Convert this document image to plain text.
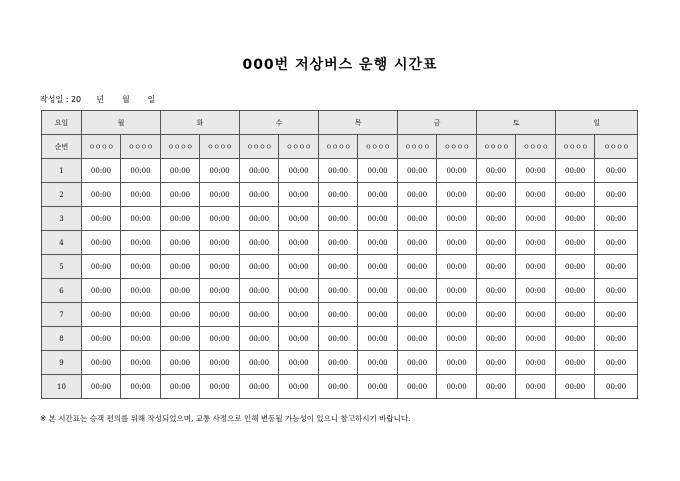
000번 저상버스 운행 시간표
작성일 : 20 년 월 일
요일	월		화		수		목		금		토		일	
순번	ㅇㅇㅇㅇ	ㅇㅇㅇㅇ	ㅇㅇㅇㅇ	ㅇㅇㅇㅇ	ㅇㅇㅇㅇ	ㅇㅇㅇㅇ	ㅇㅇㅇㅇ	ㅇㅇㅇㅇ	ㅇㅇㅇㅇ	ㅇㅇㅇㅇ	ㅇㅇㅇㅇ	ㅇㅇㅇㅇ	ㅇㅇㅇㅇ	ㅇㅇㅇㅇ
1	00:00	00:00	00:00	00:00	00:00	00:00	00:00	00:00	00:00	00:00	00:00	00:00	00:00	00:00
2	00:00	00:00	00:00	00:00	00:00	00:00	00:00	00:00	00:00	00:00	00:00	00:00	00:00	00:00
3	00:00	00:00	00:00	00:00	00:00	00:00	00:00	00:00	00:00	00:00	00:00	00:00	00:00	00:00
4	00:00	00:00	00:00	00:00	00:00	00:00	00:00	00:00	00:00	00:00	00:00	00:00	00:00	00:00
5	00:00	00:00	00:00	00:00	00:00	00:00	00:00	00:00	00:00	00:00	00:00	00:00	00:00	00:00
6	00:00	00:00	00:00	00:00	00:00	00:00	00:00	00:00	00:00	00:00	00:00	00:00	00:00	00:00
7	00:00	00:00	00:00	00:00	00:00	00:00	00:00	00:00	00:00	00:00	00:00	00:00	00:00	00:00
8	00:00	00:00	00:00	00:00	00:00	00:00	00:00	00:00	00:00	00:00	00:00	00:00	00:00	00:00
9	00:00	00:00	00:00	00:00	00:00	00:00	00:00	00:00	00:00	00:00	00:00	00:00	00:00	00:00
10	00:00	00:00	00:00	00:00	00:00	00:00	00:00	00:00	00:00	00:00	00:00	00:00	00:00	00:00
※ 본 시간표는 승객 편의를 위해 작성되었으며, 교통 사정으로 인해 변동될 가능성이 있으니 참고하시기 바랍니다.
